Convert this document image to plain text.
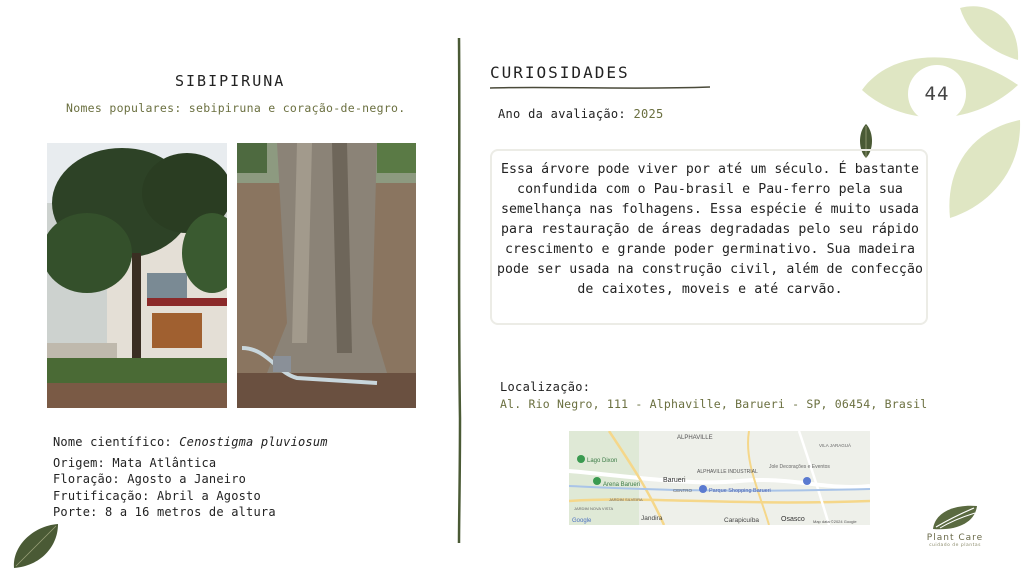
44
SIBIPIRUNA
Nomes populares: sebipiruna e coração-de-negro.
Nome científico: Cenostigma pluviosum
Origem: Mata Atlântica
Floração: Agosto a Janeiro
Frutificação: Abril a Agosto
Porte: 8 a 16 metros de altura
CURIOSIDADES
Ano da avaliação: 2025
Essa árvore pode viver por até um século. É bastante confundida com o Pau-brasil e Pau-ferro pela sua semelhança nas folhagens. Essa espécie é muito usada para restauração de áreas degradadas pelo seu rápido crescimento e grande poder germinativo. Sua madeira pode ser usada na construção civil, além de confecção de caixotes, moveis e até carvão.
Localização:
Al. Rio Negro, 111 - Alphaville, Barueri - SP, 06454, Brasil
ALPHAVILLE
VILA JARAGUÁ
Lago Dixon
Barueri
ALPHAVILLE INDUSTRIAL
Jole Decorações e Eventos
Arena Barueri
CENTRO	Parque Shopping Barueri
JARDIM SILVEIRA
JARDIM NOVA VISTA
Jandira	Carapicuíba	Osasco
Google	Map data ©2024 Google
Plant Care
cuidado de plantas
